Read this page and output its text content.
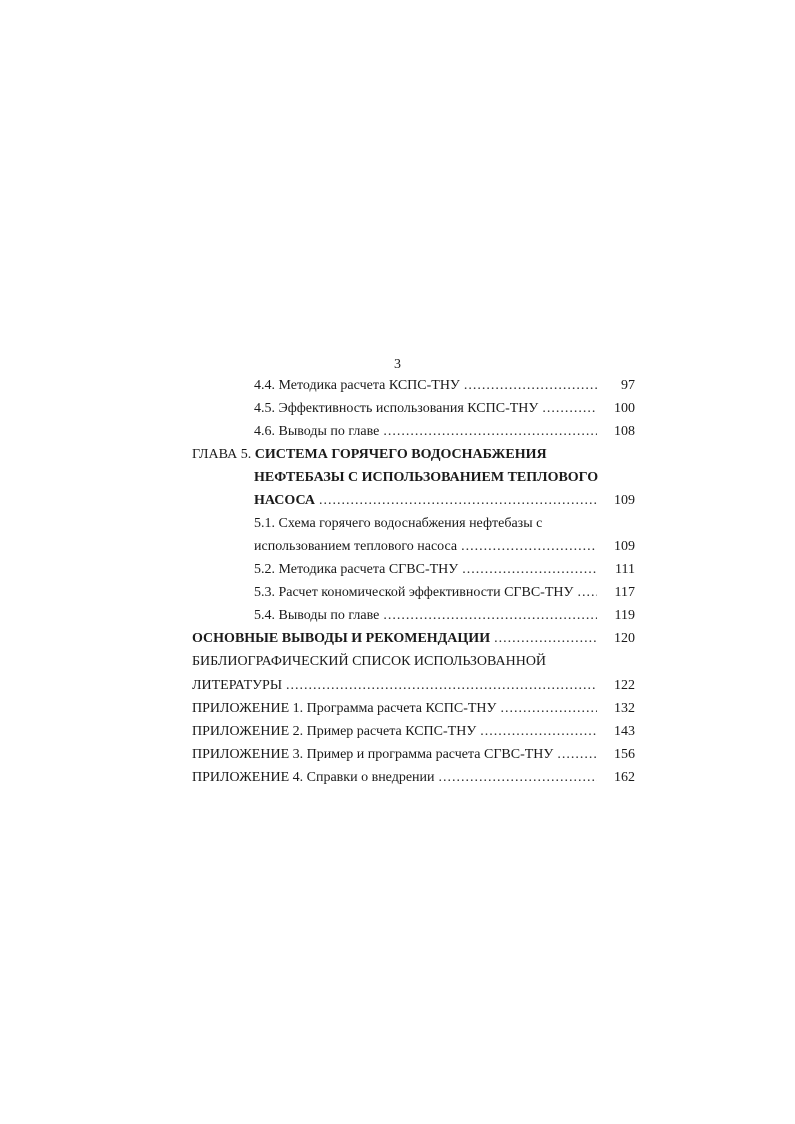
3
4.4. Методика расчета КСПС-ТНУ .....	97
4.5. Эффективность использования КСПС-ТНУ .....	100
4.6. Выводы по главе .....	108
ГЛАВА 5. СИСТЕМА ГОРЯЧЕГО ВОДОСНАБЖЕНИЯ
НЕФТЕБАЗЫ С ИСПОЛЬЗОВАНИЕМ ТЕПЛОВОГО
НАСОСА .....	109
5.1. Схема горячего водоснабжения нефтебазы с
использованием теплового насоса .....	109
5.2. Методика расчета СГВС-ТНУ .....	111
5.3. Расчет кономической эффективности СГВС-ТНУ .....	117
5.4. Выводы по главе .....	119
ОСНОВНЫЕ ВЫВОДЫ И РЕКОМЕНДАЦИИ .....	120
БИБЛИОГРАФИЧЕСКИЙ СПИСОК ИСПОЛЬЗОВАННОЙ
ЛИТЕРАТУРЫ .....	122
ПРИЛОЖЕНИЕ 1. Программа расчета КСПС-ТНУ .....	132
ПРИЛОЖЕНИЕ 2. Пример расчета КСПС-ТНУ .....	143
ПРИЛОЖЕНИЕ 3. Пример и программа расчета СГВС-ТНУ .....	156
ПРИЛОЖЕНИЕ 4. Справки о внедрении .....	162
